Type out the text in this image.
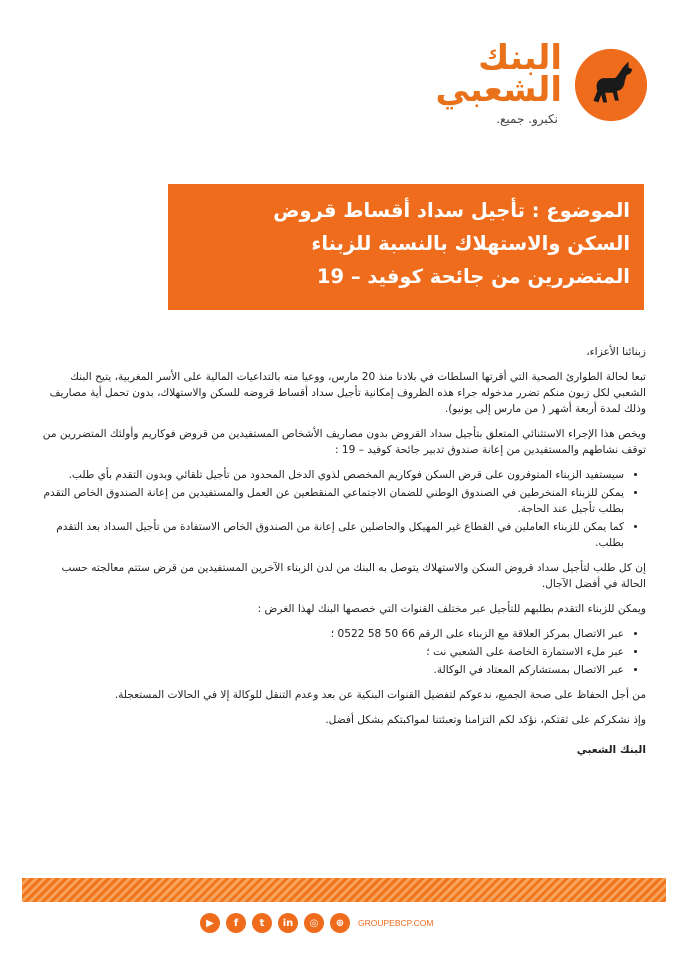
البنك
الشعبي
نكبرو. جميع.
الموضوع : تأجيل سداد أقساط قروض
السكن والاستهلاك بالنسبة للزبناء
المتضررين من جائحة كوفيد – 19

زبنائنا الأعزاء،

تبعا لحالة الطوارئ الصحية التي أقرتها السلطات في بلادنا منذ 20 مارس، ووعيا منه بالتداعيات المالية على الأسر المغربية، يتيح البنك الشعبي لكل زبون منكم تضرر مدخوله جراء هذه الظروف إمكانية تأجيل سداد أقساط قروضه للسكن والاستهلاك، بدون تحمل أية مصاريف وذلك لمدة أربعة أشهر ( من مارس إلى يونيو).

ويخص هذا الإجراء الاستثنائي المتعلق بتأجيل سداد القروض بدون مصاريف الأشخاص المستفيدين من قروض فوكاريم وأولئك المتضررين من توقف نشاطهم والمستفيدين من إعانة صندوق تدبير جائحة كوفيد – 19 :

• سيستفيد الزبناء المتوفرون على قرض السكن فوكاريم المخصص لذوي الدخل المحدود من تأجيل تلقائي وبدون التقدم بأي طلب.
• يمكن للزبناء المنخرطين في الصندوق الوطني للضمان الاجتماعي المنقطعين عن العمل والمستفيدين من إعانة الصندوق الخاص التقدم بطلب تأجيل عند الحاجة.
• كما يمكن للزبناء العاملين في القطاع غير المهيكل والحاصلين على إعانة من الصندوق الخاص الاستفادة من تأجيل السداد بعد التقدم بطلب.

إن كل طلب لتأجيل سداد قروض السكن والاستهلاك يتوصل به البنك من لدن الزبناء الآخرين المستفيدين من قرض ستتم معالجته حسب الحالة في أفضل الآجال.

ويمكن للزبناء التقدم بطلبهم للتأجيل عبر مختلف القنوات التي خصصها البنك لهذا الغرض :

• عبر الاتصال بمركز العلاقة مع الزبناء على الرقم 66 50 58 0522 ؛
• عبر ملء الاستمارة الخاصة على الشعبي نت ؛
• عبر الاتصال بمستشاركم المعتاد في الوكالة.

من أجل الحفاظ على صحة الجميع، ندعوكم لتفضيل القنوات البنكية عن بعد وعدم التنقل للوكالة إلا في الحالات المستعجلة.

وإذ نشكركم على ثقتكم، نؤكد لكم التزامنا وتعبئتنا لمواكبتكم بشكل أفضل.

البنك الشعبي

▶	f	t	in	◎	⊕	GROUPEBCP.COM
